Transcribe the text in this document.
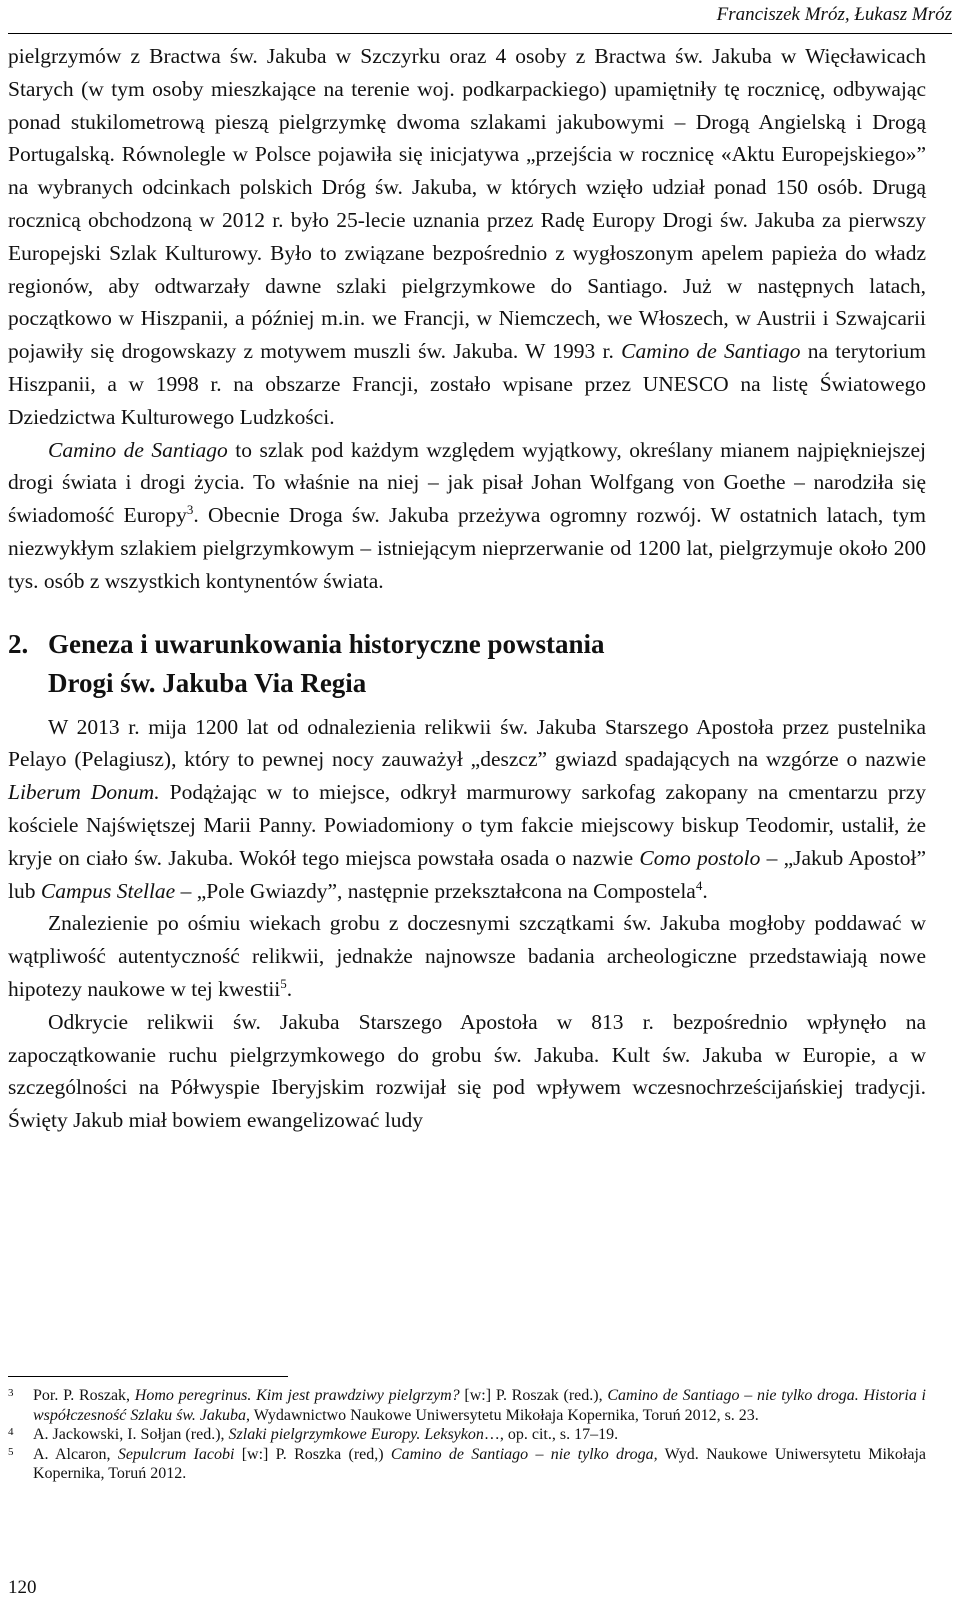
Franciszek Mróz, Łukasz Mróz

pielgrzymów z Bractwa św. Jakuba w Szczyrku oraz 4 osoby z Bractwa św. Jakuba w Więcławicach Starych (w tym osoby mieszkające na terenie woj. podkarpackiego) upamiętniły tę rocznicę, odbywając ponad stukilometrową pieszą pielgrzymkę dwoma szlakami jakubowymi – Drogą Angielską i Drogą Portugalską. Równolegle w Polsce pojawiła się inicjatywa „przejścia w rocznicę «Aktu Europejskiego»” na wybranych odcinkach polskich Dróg św. Jakuba, w których wzięło udział ponad 150 osób. Drugą rocznicą obchodzoną w 2012 r. było 25-lecie uznania przez Radę Europy Drogi św. Jakuba za pierwszy Europejski Szlak Kulturowy. Było to związane bezpośrednio z wygłoszonym apelem papieża do władz regionów, aby odtwarzały dawne szlaki pielgrzymkowe do Santiago. Już w następnych latach, początkowo w Hiszpanii, a później m.in. we Francji, w Niemczech, we Włoszech, w Austrii i Szwajcarii pojawiły się drogowskazy z motywem muszli św. Jakuba. W 1993 r. Camino de Santiago na terytorium Hiszpanii, a w 1998 r. na obszarze Francji, zostało wpisane przez UNESCO na listę Światowego Dziedzictwa Kulturowego Ludzkości.

Camino de Santiago to szlak pod każdym względem wyjątkowy, określany mianem najpiękniejszej drogi świata i drogi życia. To właśnie na niej – jak pisał Johan Wolfgang von Goethe – narodziła się świadomość Europy$^3$. Obecnie Droga św. Jakuba przeżywa ogromny rozwój. W ostatnich latach, tym niezwykłym szlakiem pielgrzymkowym – istniejącym nieprzerwanie od 1200 lat, pielgrzymuje około 200 tys. osób z wszystkich kontynentów świata.

2. Geneza i uwarunkowania historyczne powstania
Drogi św. Jakuba Via Regia

W 2013 r. mija 1200 lat od odnalezienia relikwii św. Jakuba Starszego Apostoła przez pustelnika Pelayo (Pelagiusz), który to pewnej nocy zauważył „deszcz” gwiazd spadających na wzgórze o nazwie Liberum Donum. Podążając w to miejsce, odkrył marmurowy sarkofag zakopany na cmentarzu przy kościele Najświętszej Marii Panny. Powiadomiony o tym fakcie miejscowy biskup Teodomir, ustalił, że kryje on ciało św. Jakuba. Wokół tego miejsca powstała osada o nazwie Como postolo – „Jakub Apostoł” lub Campus Stellae – „Pole Gwiazdy”, następnie przekształcona na Compostela$^4$.

Znalezienie po ośmiu wiekach grobu z doczesnymi szczątkami św. Jakuba mogłoby poddawać w wątpliwość autentyczność relikwii, jednakże najnowsze badania archeologiczne przedstawiają nowe hipotezy naukowe w tej kwestii$^5$.

Odkrycie relikwii św. Jakuba Starszego Apostoła w 813 r. bezpośrednio wpłynęło na zapoczątkowanie ruchu pielgrzymkowego do grobu św. Jakuba. Kult św. Jakuba w Europie, a w szczególności na Półwyspie Iberyjskim rozwijał się pod wpływem wczesnochrześcijańskiej tradycji. Święty Jakub miał bowiem ewangelizować ludy

3	Por. P. Roszak, Homo peregrinus. Kim jest prawdziwy pielgrzym? [w:] P. Roszak (red.), Camino de Santiago – nie tylko droga. Historia i współczesność Szlaku św. Jakuba, Wydawnictwo Naukowe Uniwersytetu Mikołaja Kopernika, Toruń 2012, s. 23.
4	A. Jackowski, I. Sołjan (red.), Szlaki pielgrzymkowe Europy. Leksykon…, op. cit., s. 17–19.
5	A. Alcaron, Sepulcrum Iacobi [w:] P. Roszka (red,) Camino de Santiago – nie tylko droga, Wyd. Naukowe Uniwersytetu Mikołaja Kopernika, Toruń 2012.
120
